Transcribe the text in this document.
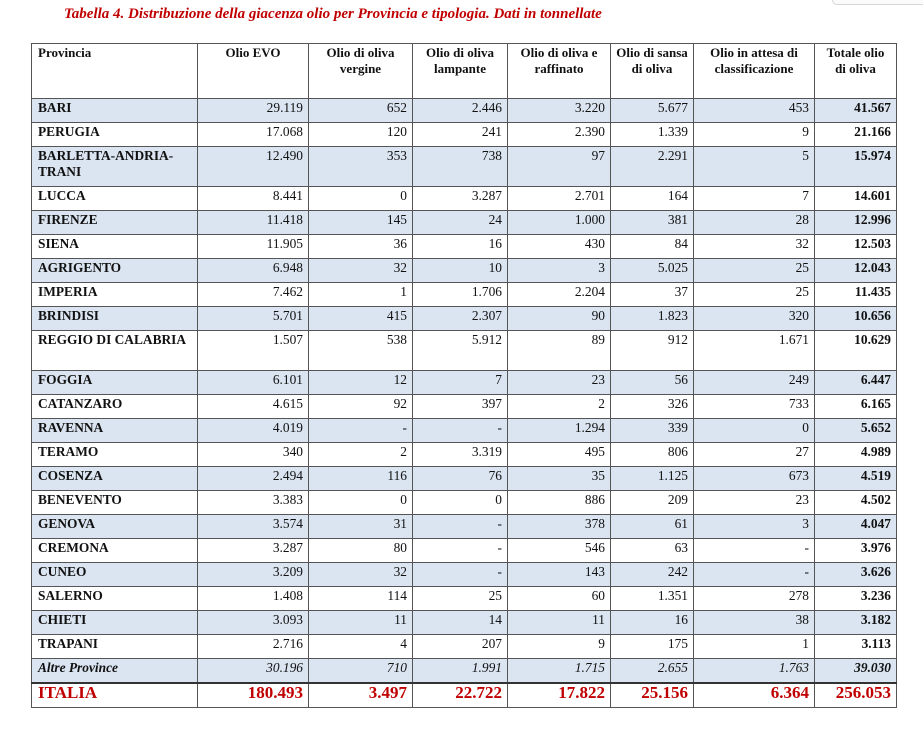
Tabella 4. Distribuzione della giacenza olio per Provincia e tipologia. Dati in tonnellate
Provincia	Olio EVO	Olio di oliva vergine	Olio di oliva lampante	Olio di oliva e raffinato	Olio di sansa di oliva	Olio in attesa di classificazione	Totale olio di oliva
BARI	29.119	652	2.446	3.220	5.677	453	41.567
PERUGIA	17.068	120	241	2.390	1.339	9	21.166
BARLETTA-ANDRIA-TRANI	12.490	353	738	97	2.291	5	15.974
LUCCA	8.441	0	3.287	2.701	164	7	14.601
FIRENZE	11.418	145	24	1.000	381	28	12.996
SIENA	11.905	36	16	430	84	32	12.503
AGRIGENTO	6.948	32	10	3	5.025	25	12.043
IMPERIA	7.462	1	1.706	2.204	37	25	11.435
BRINDISI	5.701	415	2.307	90	1.823	320	10.656
REGGIO DI CALABRIA	1.507	538	5.912	89	912	1.671	10.629
FOGGIA	6.101	12	7	23	56	249	6.447
CATANZARO	4.615	92	397	2	326	733	6.165
RAVENNA	4.019	-	-	1.294	339	0	5.652
TERAMO	340	2	3.319	495	806	27	4.989
COSENZA	2.494	116	76	35	1.125	673	4.519
BENEVENTO	3.383	0	0	886	209	23	4.502
GENOVA	3.574	31	-	378	61	3	4.047
CREMONA	3.287	80	-	546	63	-	3.976
CUNEO	3.209	32	-	143	242	-	3.626
SALERNO	1.408	114	25	60	1.351	278	3.236
CHIETI	3.093	11	14	11	16	38	3.182
TRAPANI	2.716	4	207	9	175	1	3.113
Altre Province	30.196	710	1.991	1.715	2.655	1.763	39.030
ITALIA	180.493	3.497	22.722	17.822	25.156	6.364	256.053
